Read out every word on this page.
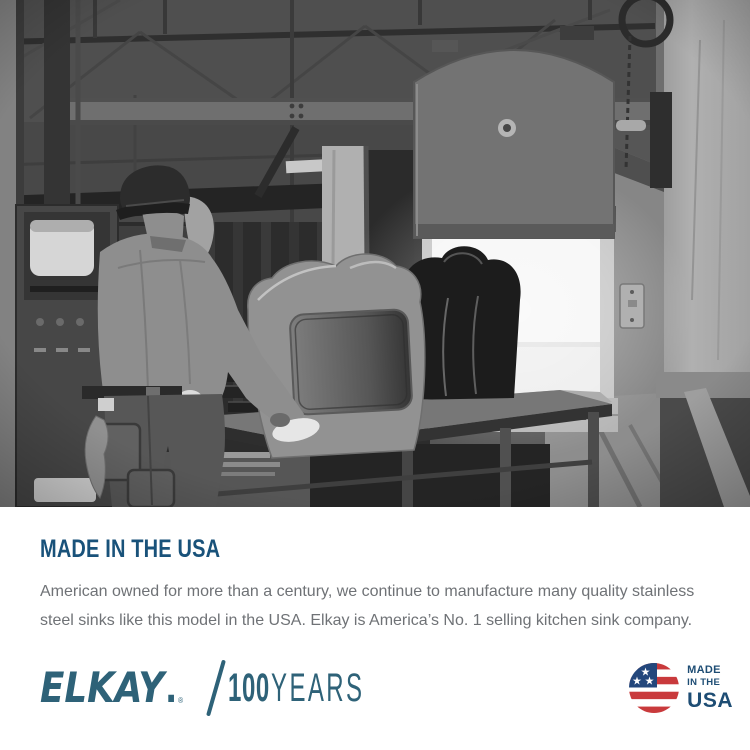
MADE IN THE USA
American owned for more than a century, we continue to manufacture many quality stainless
steel sinks like this model in the USA. Elkay is America’s No. 1 selling kitchen sink company.
ELKAY . ® 100 YEARS	MADE
IN THE
USA
